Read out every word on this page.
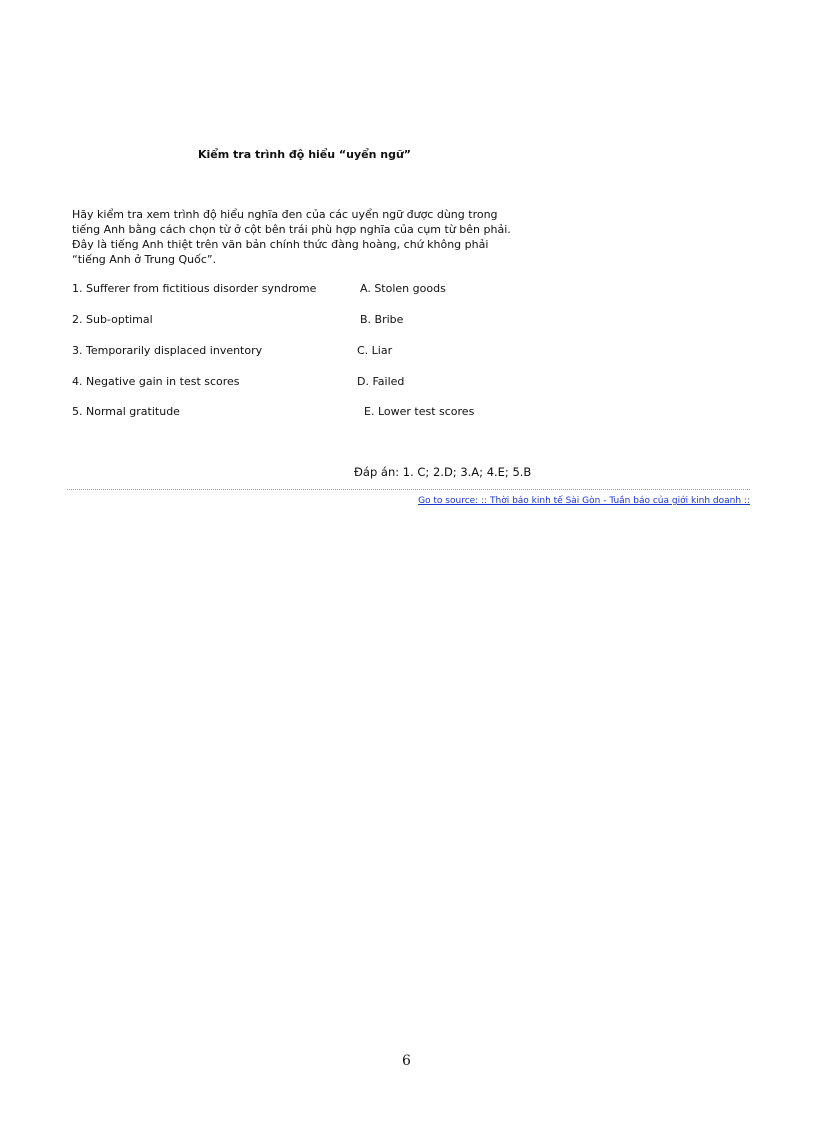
Kiểm tra trình độ hiểu “uyển ngữ”
Hãy kiểm tra xem trình độ hiểu nghĩa đen của các uyển ngữ được dùng trong
tiếng Anh bằng cách chọn từ ở cột bên trái phù hợp nghĩa của cụm từ bên phải.
Đây là tiếng Anh thiệt trên văn bản chính thức đàng hoàng, chứ không phải
“tiếng Anh ở Trung Quốc”.
1. Sufferer from fictitious disorder syndrome
2. Sub-optimal
3. Temporarily displaced inventory
4. Negative gain in test scores
5. Normal gratitude
A. Stolen goods
B. Bribe
C. Liar
D. Failed
E. Lower test scores
Đáp án: 1. C; 2.D; 3.A; 4.E; 5.B
Go to source: :: Thời báo kinh tế Sài Gòn - Tuần báo của giới kinh doanh ::
6
